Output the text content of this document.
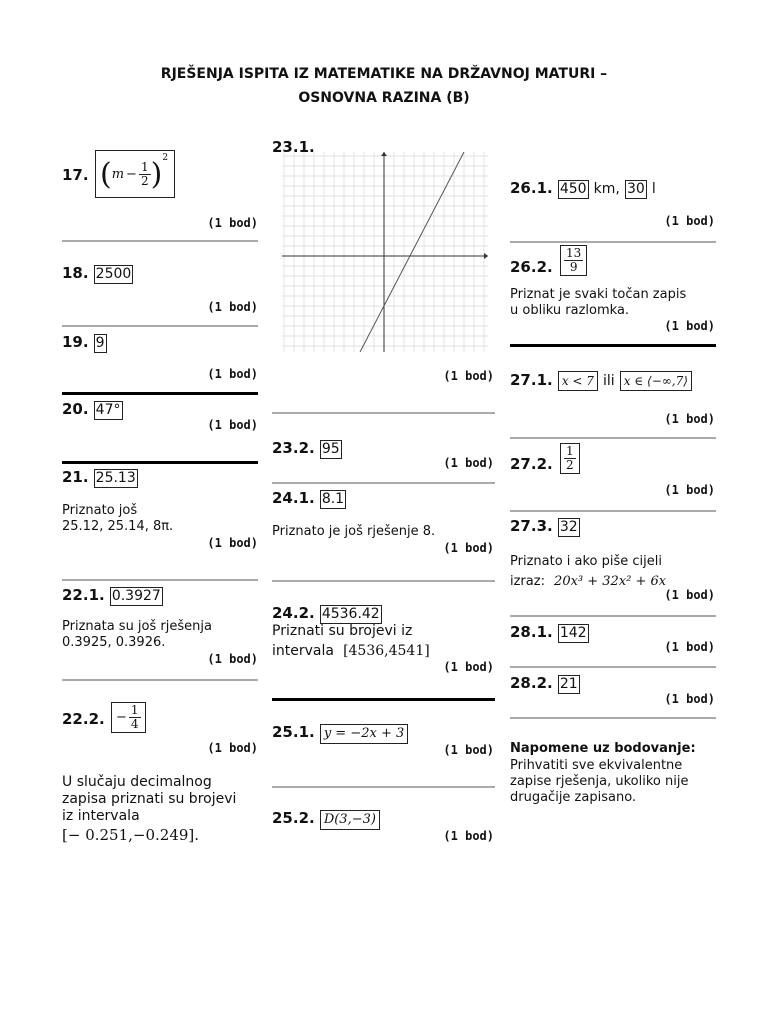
RJEŠENJA ISPITA IZ MATEMATIKE NA DRŽAVNOJ MATURI –
OSNOVNA RAZINA (B)
17. ( $m - \frac{1}{2}$ ) 2
(1 bod)
18. 2500
(1 bod)
19. 9
(1 bod)
20. 47°
(1 bod)
21. 25.13
Priznato još
25.12, 25.14, 8π.
(1 bod)
22.1. 0.3927
Priznata su još rješenja
0.3925, 0.3926.
(1 bod)
22.2. − $\frac{1}{4}$
(1 bod)
U slučaju decimalnog
zapisa priznati su brojevi
iz intervala
[− 0.251,−0.249].
23.1.
(1 bod)
23.2. 95
(1 bod)
24.1. 8.1
Priznato je još rješenje 8.
(1 bod)
24.2. 4536.42
Priznati su brojevi iz
intervala [4536,4541]
(1 bod)
25.1. y = −2x + 3
(1 bod)
25.2. D(3,−3)
(1 bod)
26.1. 450 km, 30 l
(1 bod)
26.2. $\frac{13}{9}$
Priznat je svaki točan zapis
u obliku razlomka.
(1 bod)
27.1. x < 7 ili x ∈ ⟨−∞,7⟩
(1 bod)
27.2. $\frac{1}{2}$
(1 bod)
27.3. 32
Priznato i ako piše cijeli
izraz: 20x³ + 32x² + 6x
(1 bod)
28.1. 142
(1 bod)
28.2. 21
(1 bod)
Napomene uz bodovanje:
Prihvatiti sve ekvivalentne
zapise rješenja, ukoliko nije
drugačije zapisano.
